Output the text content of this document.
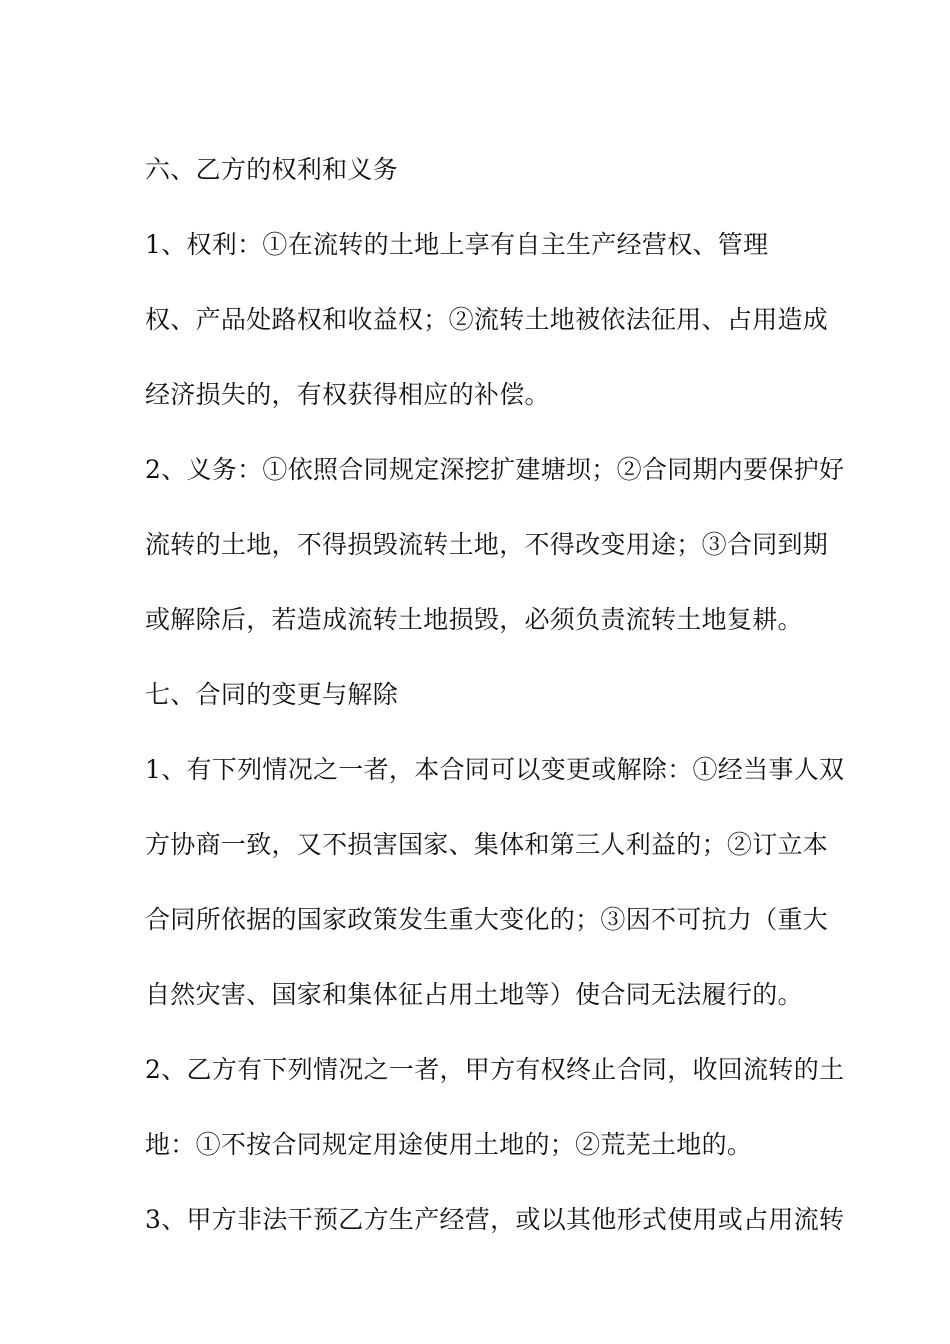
六、乙方的权利和义务
1、权利：①在流转的土地上享有自主生产经营权、管理
权、产品处路权和收益权；②流转土地被依法征用、占用造成
经济损失的，有权获得相应的补偿。
2、义务：①依照合同规定深挖扩建塘坝；②合同期内要保护好
流转的土地，不得损毁流转土地，不得改变用途；③合同到期
或解除后，若造成流转土地损毁，必须负责流转土地复耕。
七、合同的变更与解除
1、有下列情况之一者，本合同可以变更或解除：①经当事人双
方协商一致，又不损害国家、集体和第三人利益的；②订立本
合同所依据的国家政策发生重大变化的；③因不可抗力（重大
自然灾害、国家和集体征占用土地等）使合同无法履行的。
2、乙方有下列情况之一者，甲方有权终止合同，收回流转的土
地：①不按合同规定用途使用土地的；②荒芜土地的。
3、甲方非法干预乙方生产经营，或以其他形式使用或占用流转
